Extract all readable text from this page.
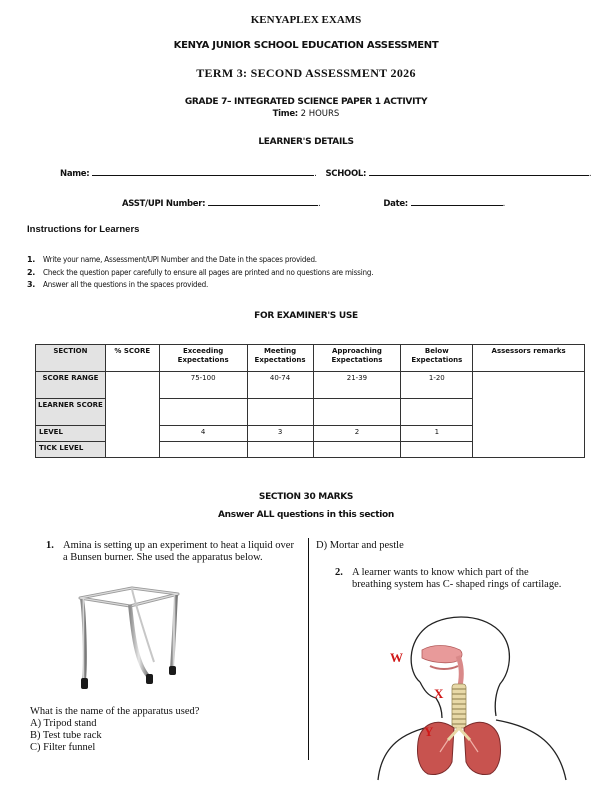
KENYAPLEX EXAMS
KENYA JUNIOR SCHOOL EDUCATION ASSESSMENT
TERM 3: SECOND ASSESSMENT 2026
GRADE 7– INTEGRATED SCIENCE PAPER 1 ACTIVITY
Time: 2 HOURS
LEARNER'S DETAILS
Name:	. SCHOOL:	.
ASST/UPI Number:	.	Date:	.
Instructions for Learners
1. Write your name, Assessment/UPI Number and the Date in the spaces provided.
2. Check the question paper carefully to ensure all pages are printed and no questions are missing.
3. Answer all the questions in the spaces provided.
FOR EXAMINER'S USE
SECTION	% SCORE	Exceeding Expectations	Meeting Expectations	Approaching Expectations	Below Expectations	Assessors remarks
SCORE RANGE		75-100	40-74	21-39	1-20	
LEARNER SCORE						
LEVEL		4	3	2	1	
TICK LEVEL						
SECTION 30 MARKS
Answer ALL questions in this section
1. Amina is setting up an experiment to heat a liquid over a Bunsen burner. She used the apparatus below.
What is the name of the apparatus used?
A) Tripod stand
B) Test tube rack
C) Filter funnel
D) Mortar and pestle
2. A learner wants to know which part of the breathing system has C- shaped rings of cartilage.
W
X
Y
